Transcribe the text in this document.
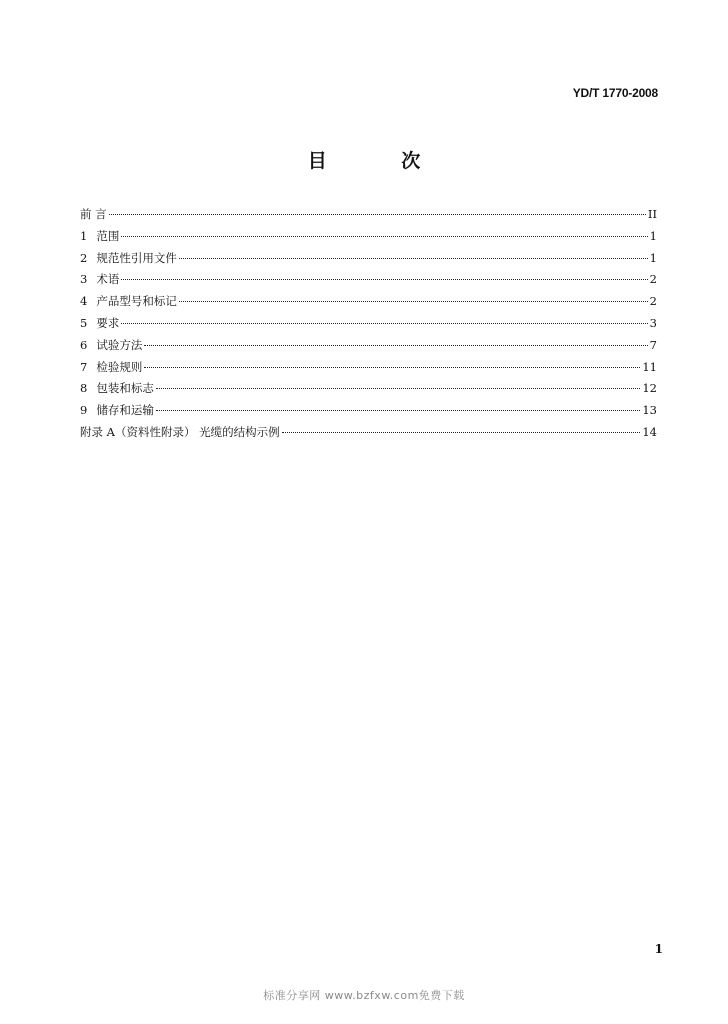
YD/T 1770-2008
目 次
前 言	II
1 范围	1
2 规范性引用文件	1
3 术语	2
4 产品型号和标记	2
5 要求	3
6 试验方法	7
7 检验规则	11
8 包装和标志	12
9 储存和运输	13
附录 A（资料性附录） 光缆的结构示例	14
1
标准分享网 www.bzfxw.com免费下载
